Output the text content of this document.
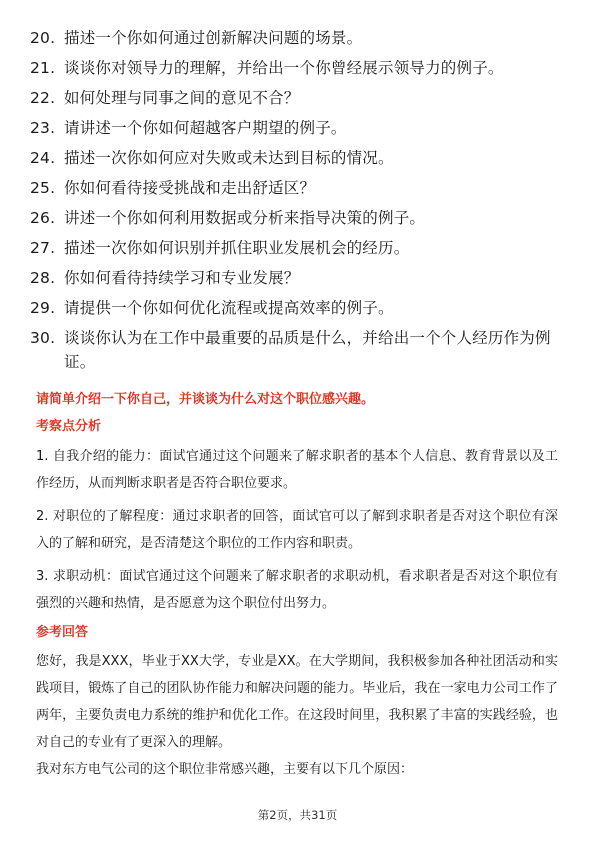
20. 描述一个你如何通过创新解决问题的场景。
21. 谈谈你对领导力的理解，并给出一个你曾经展示领导力的例子。
22. 如何处理与同事之间的意见不合？
23. 请讲述一个你如何超越客户期望的例子。
24. 描述一次你如何应对失败或未达到目标的情况。
25. 你如何看待接受挑战和走出舒适区？
26. 讲述一个你如何利用数据或分析来指导决策的例子。
27. 描述一次你如何识别并抓住职业发展机会的经历。
28. 你如何看待持续学习和专业发展？
29. 请提供一个你如何优化流程或提高效率的例子。
30. 谈谈你认为在工作中最重要的品质是什么，并给出一个个人经历作为例证。
请简单介绍一下你自己，并谈谈为什么对这个职位感兴趣。
考察点分析

1. 自我介绍的能力：面试官通过这个问题来了解求职者的基本个人信息、教育背景以及工作经历，从而判断求职者是否符合职位要求。

2. 对职位的了解程度：通过求职者的回答，面试官可以了解到求职者是否对这个职位有深入的了解和研究，是否清楚这个职位的工作内容和职责。

3. 求职动机：面试官通过这个问题来了解求职者的求职动机，看求职者是否对这个职位有强烈的兴趣和热情，是否愿意为这个职位付出努力。

参考回答

您好，我是XXX，毕业于XX大学，专业是XX。在大学期间，我积极参加各种社团活动和实践项目，锻炼了自己的团队协作能力和解决问题的能力。毕业后，我在一家电力公司工作了两年，主要负责电力系统的维护和优化工作。在这段时间里，我积累了丰富的实践经验，也对自己的专业有了更深入的理解。

我对东方电气公司的这个职位非常感兴趣，主要有以下几个原因：

第2页，共31页
